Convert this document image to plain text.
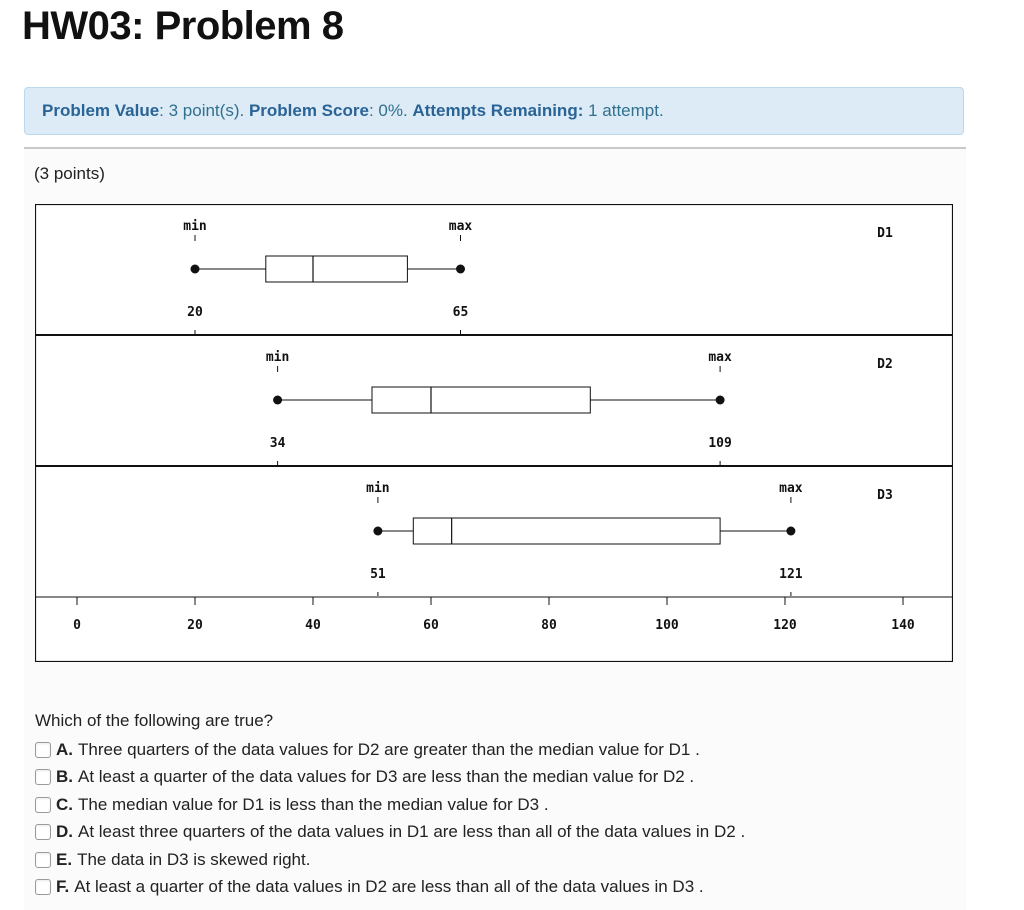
HW03: Problem 8
Problem Value : 3 point(s). Problem Score : 0%. Attempts Remaining: 1 attempt.
(3 points)
min	max
20	65
D1
min	max
34	109
D2
min	max
51	121
D3
0	20	40	60	80	100	120	140
Which of the following are true?
A. Three quarters of the data values for D2 are greater than the median value for D1 .
B. At least a quarter of the data values for D3 are less than the median value for D2 .
C. The median value for D1 is less than the median value for D3 .
D. At least three quarters of the data values in D1 are less than all of the data values in D2 .
E. The data in D3 is skewed right.
F. At least a quarter of the data values in D2 are less than all of the data values in D3 .
